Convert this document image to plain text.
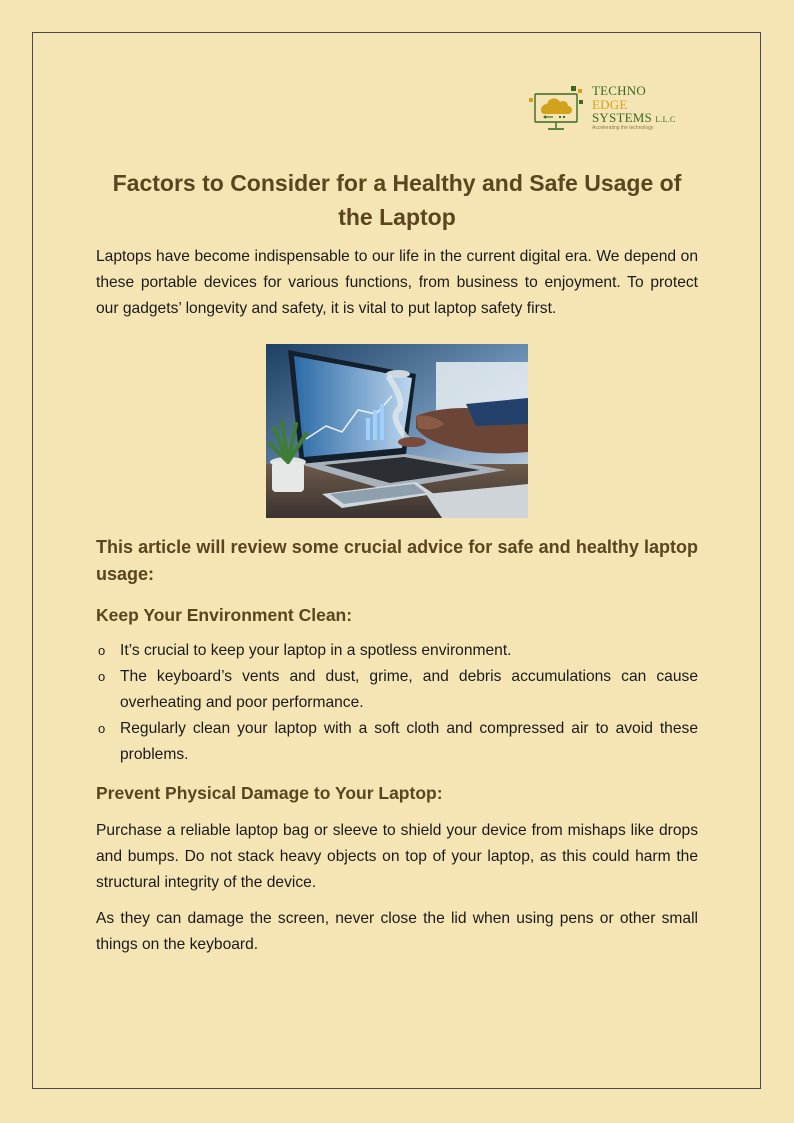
TECHNO
EDGE
SYSTEMS L.L.C
Accelerating the technology
Factors to Consider for a Healthy and Safe Usage of the Laptop

Laptops have become indispensable to our life in the current digital era. We depend on these portable devices for various functions, from business to enjoyment. To protect our gadgets’ longevity and safety, it is vital to put laptop safety first.

This article will review some crucial advice for safe and healthy laptop usage:
Keep Your Environment Clean:
o It’s crucial to keep your laptop in a spotless environment.
o The keyboard’s vents and dust, grime, and debris accumulations can cause overheating and poor performance.
o Regularly clean your laptop with a soft cloth and compressed air to avoid these problems.
Prevent Physical Damage to Your Laptop:

Purchase a reliable laptop bag or sleeve to shield your device from mishaps like drops and bumps. Do not stack heavy objects on top of your laptop, as this could harm the structural integrity of the device.

As they can damage the screen, never close the lid when using pens or other small things on the keyboard.
